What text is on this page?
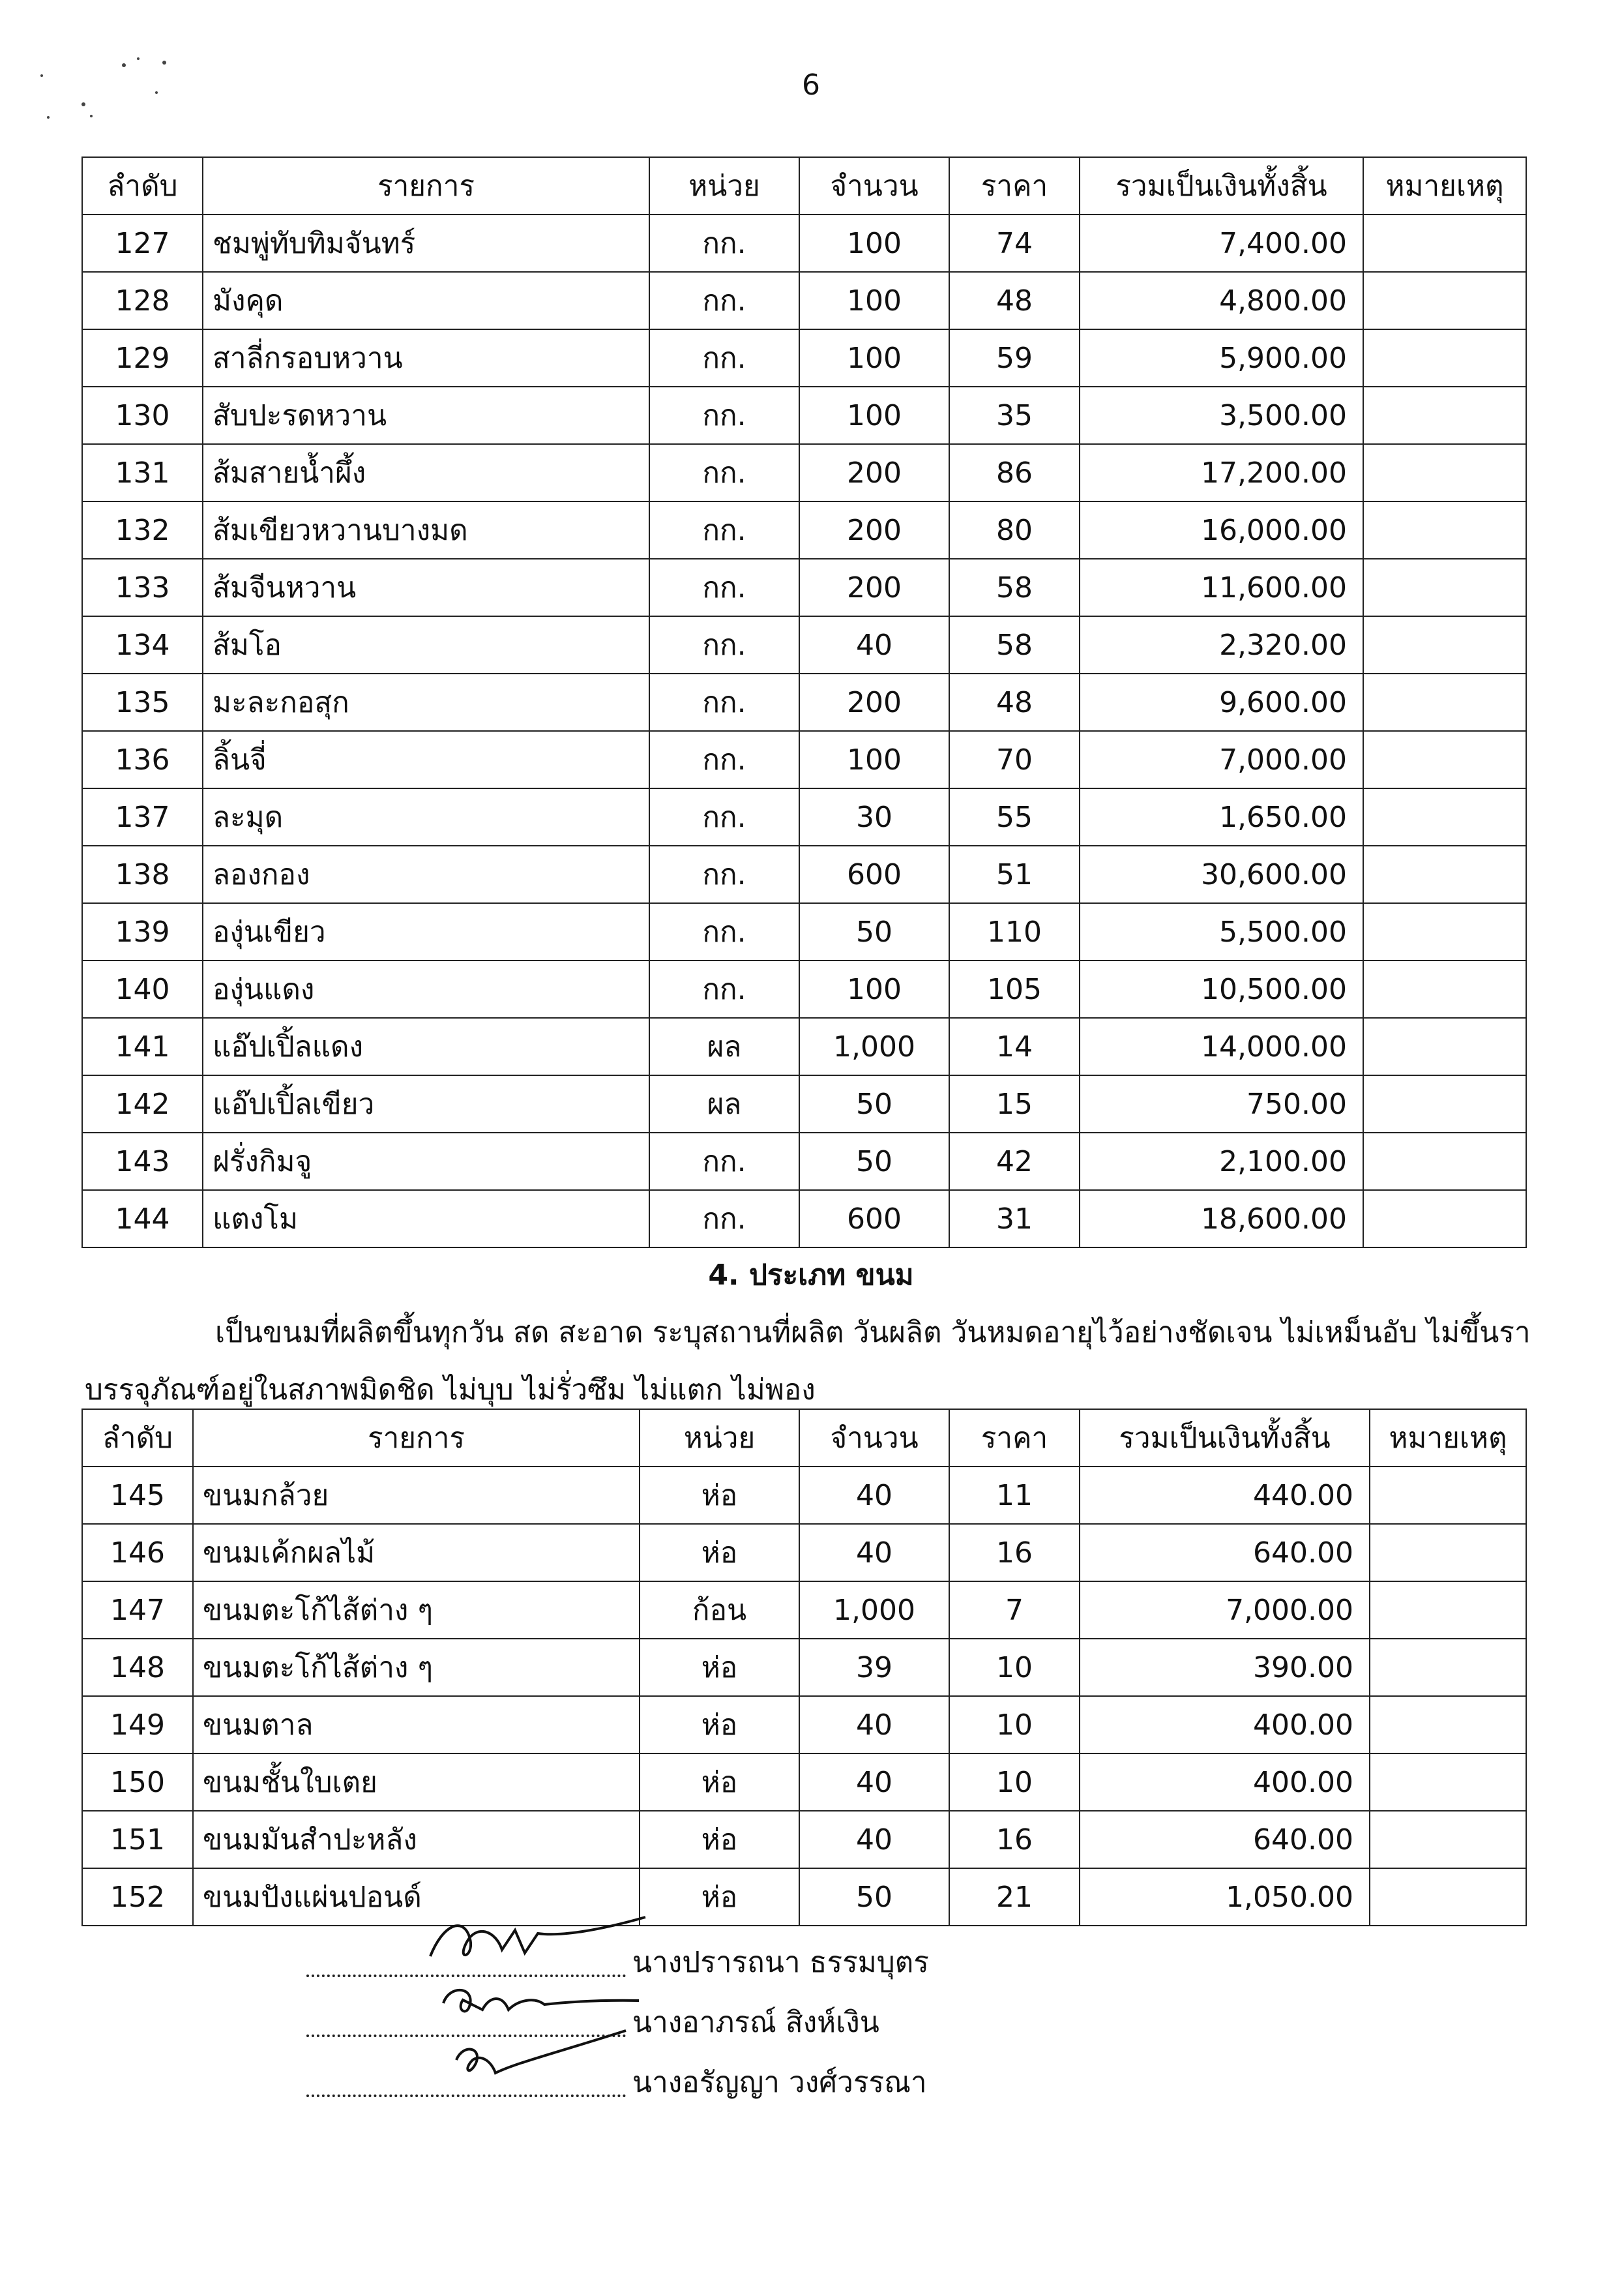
6
ลำดับ	รายการ	หน่วย	จำนวน	ราคา	รวมเป็นเงินทั้งสิ้น	หมายเหตุ
127	ชมพู่ทับทิมจันทร์	กก.	100	74	7,400.00	
128	มังคุด	กก.	100	48	4,800.00	
129	สาลี่กรอบหวาน	กก.	100	59	5,900.00	
130	สับปะรดหวาน	กก.	100	35	3,500.00	
131	ส้มสายน้ำผึ้ง	กก.	200	86	17,200.00	
132	ส้มเขียวหวานบางมด	กก.	200	80	16,000.00	
133	ส้มจีนหวาน	กก.	200	58	11,600.00	
134	ส้มโอ	กก.	40	58	2,320.00	
135	มะละกอสุก	กก.	200	48	9,600.00	
136	ลิ้นจี่	กก.	100	70	7,000.00	
137	ละมุด	กก.	30	55	1,650.00	
138	ลองกอง	กก.	600	51	30,600.00	
139	องุ่นเขียว	กก.	50	110	5,500.00	
140	องุ่นแดง	กก.	100	105	10,500.00	
141	แอ๊ปเปิ้ลแดง	ผล	1,000	14	14,000.00	
142	แอ๊ปเปิ้ลเขียว	ผล	50	15	750.00	
143	ฝรั่งกิมจู	กก.	50	42	2,100.00	
144	แตงโม	กก.	600	31	18,600.00	
4. ประเภท ขนม
เป็นขนมที่ผลิตขึ้นทุกวัน สด สะอาด ระบุสถานที่ผลิต วันผลิต วันหมดอายุไว้อย่างชัดเจน ไม่เหม็นอับ ไม่ขึ้นรา
บรรจุภัณฑ์อยู่ในสภาพมิดชิด ไม่บุบ ไม่รั่วซึม ไม่แตก ไม่พอง
ลำดับ	รายการ	หน่วย	จำนวน	ราคา	รวมเป็นเงินทั้งสิ้น	หมายเหตุ
145	ขนมกล้วย	ห่อ	40	11	440.00	
146	ขนมเค้กผลไม้	ห่อ	40	16	640.00	
147	ขนมตะโก้ไส้ต่าง ๆ	ก้อน	1,000	7	7,000.00	
148	ขนมตะโก้ไส้ต่าง ๆ	ห่อ	39	10	390.00	
149	ขนมตาล	ห่อ	40	10	400.00	
150	ขนมชั้นใบเตย	ห่อ	40	10	400.00	
151	ขนมมันสำปะหลัง	ห่อ	40	16	640.00	
152	ขนมปังแผ่นปอนด์	ห่อ	50	21	1,050.00	
นางปรารถนา ธรรมบุตร
นางอาภรณ์ สิงห์เงิน
นางอรัญญา วงศ์วรรณา
